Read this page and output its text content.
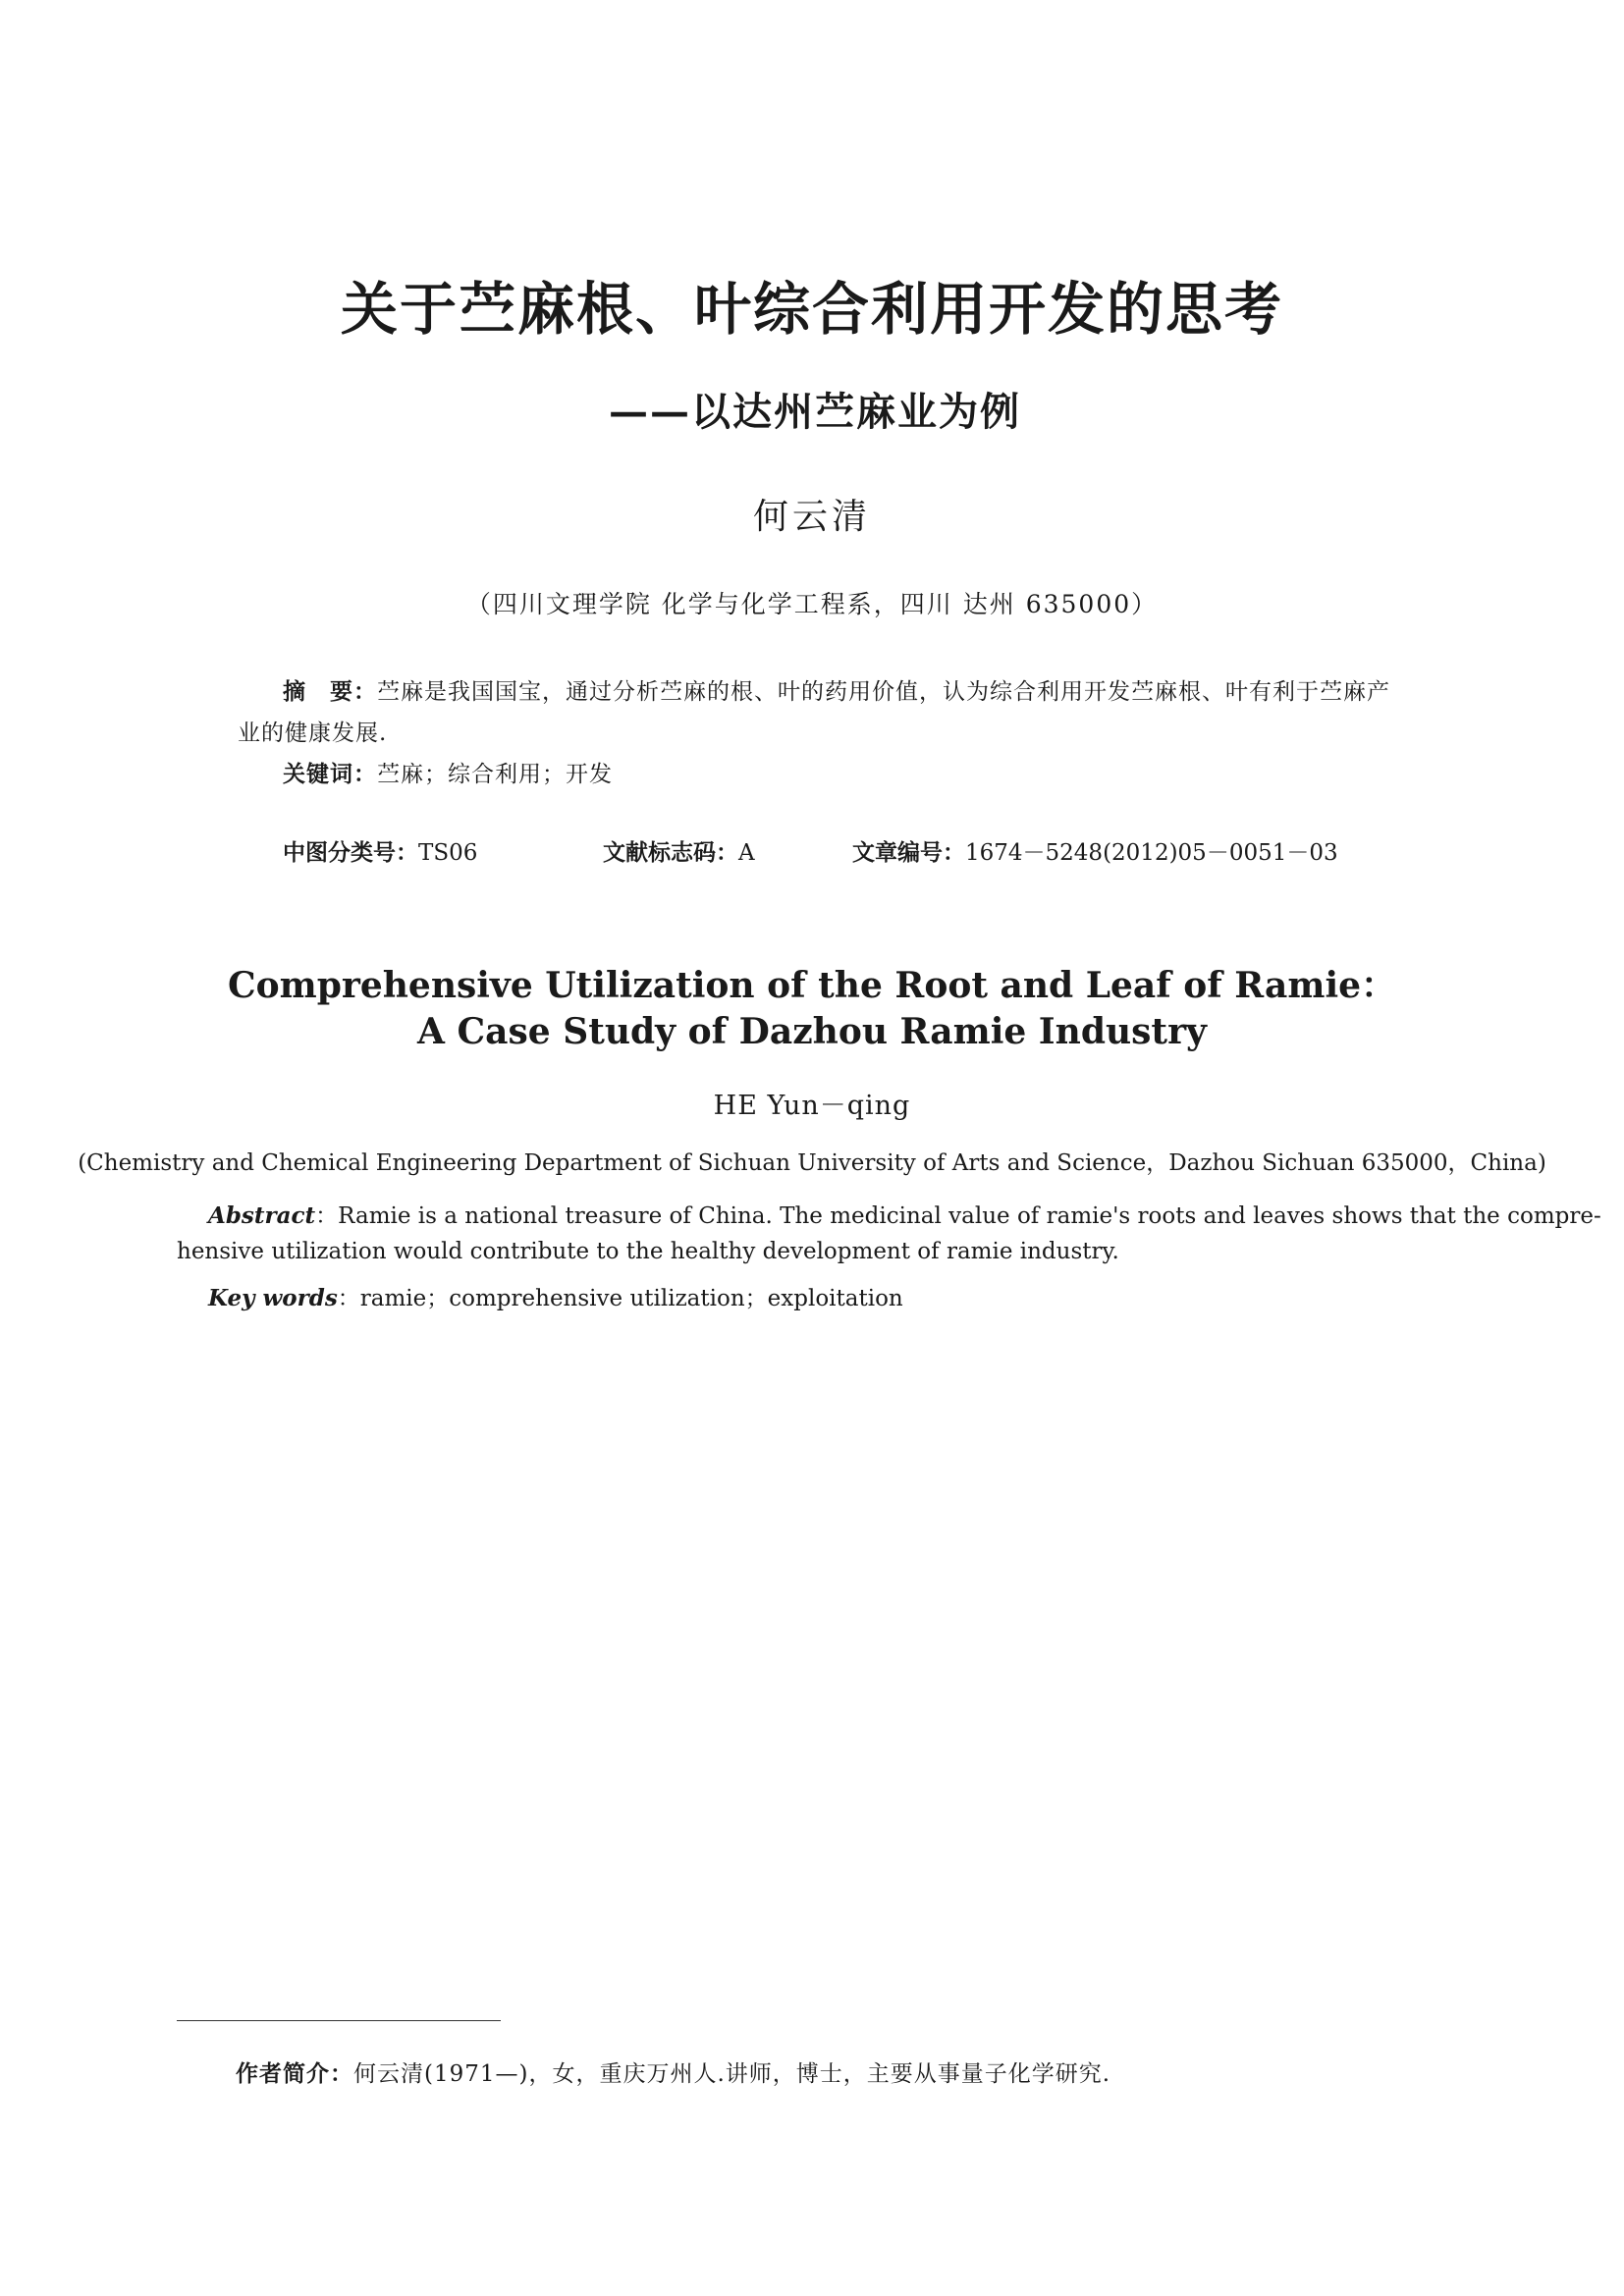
关于苎麻根、叶综合利用开发的思考
——以达州苎麻业为例
何云清
（四川文理学院 化学与化学工程系，四川 达州 635000）
摘　要：苎麻是我国国宝，通过分析苎麻的根、叶的药用价值，认为综合利用开发苎麻根、叶有利于苎麻产
业的健康发展.
关键词：苎麻；综合利用；开发
中图分类号：TS06	文献标志码：A	文章编号：1674－5248(2012)05－0051－03
Comprehensive Utilization of the Root and Leaf of Ramie：
A Case Study of Dazhou Ramie Industry
HE Yun－qing
(Chemistry and Chemical Engineering Department of Sichuan University of Arts and Science，Dazhou Sichuan 635000，China)
Abstract：Ramie is a national treasure of China. The medicinal value of ramie's roots and leaves shows that the compre-
hensive utilization would contribute to the healthy development of ramie industry.
Key words：ramie；comprehensive utilization；exploitation
作者简介：何云清(1971—)，女，重庆万州人.讲师，博士，主要从事量子化学研究.
